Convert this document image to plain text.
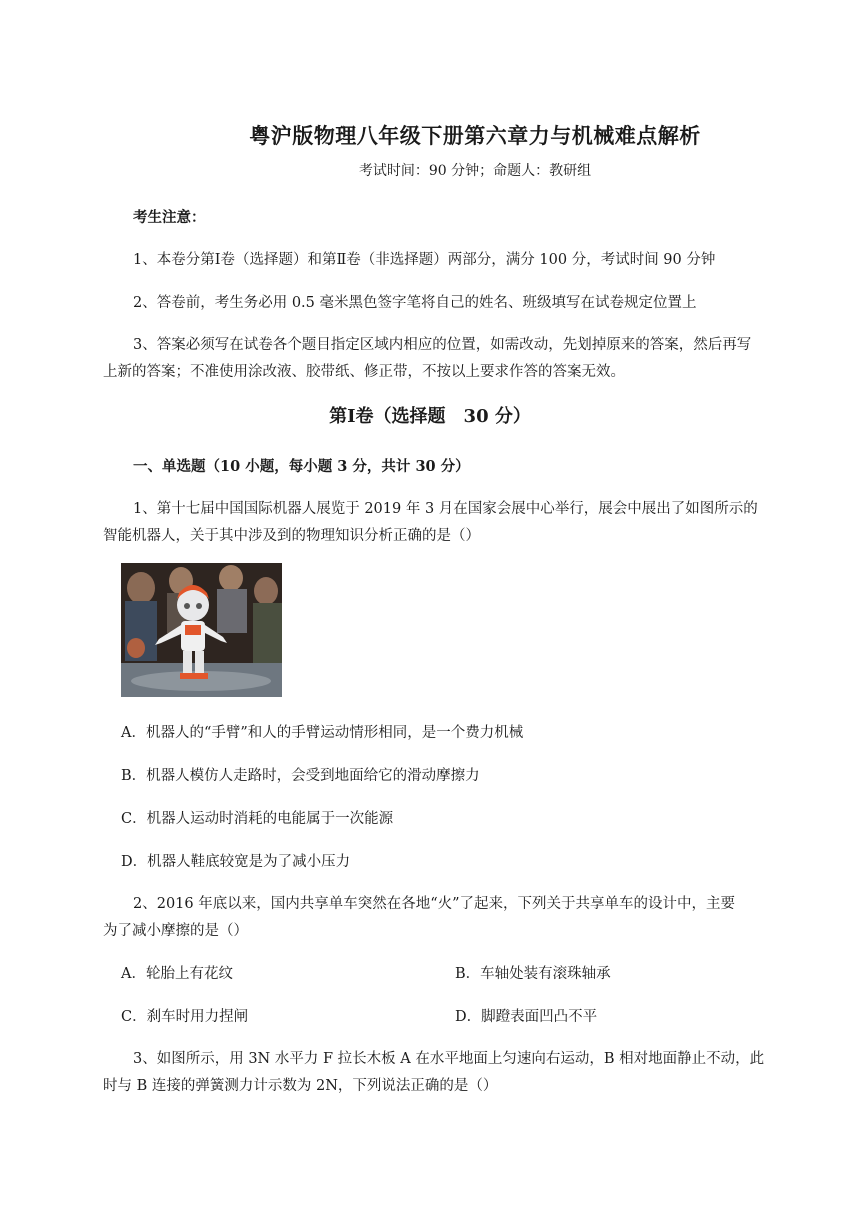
粤沪版物理八年级下册第六章力与机械难点解析
考试时间：90 分钟；命题人：教研组
考生注意：
1、本卷分第Ⅰ卷（选择题）和第Ⅱ卷（非选择题）两部分，满分 100 分，考试时间 90 分钟
2、答卷前，考生务必用 0.5 毫米黑色签字笔将自己的姓名、班级填写在试卷规定位置上
3、答案必须写在试卷各个题目指定区域内相应的位置，如需改动，先划掉原来的答案，然后再写
上新的答案；不准使用涂改液、胶带纸、修正带，不按以上要求作答的答案无效。
第Ⅰ卷（选择题　30 分）
一、单选题（10 小题，每小题 3 分，共计 30 分）
1、第十七届中国国际机器人展览于 2019 年 3 月在国家会展中心举行，展会中展出了如图所示的
智能机器人，关于其中涉及到的物理知识分析正确的是（）
A．机器人的“手臂”和人的手臂运动情形相同，是一个费力机械
B．机器人模仿人走路时，会受到地面给它的滑动摩擦力
C．机器人运动时消耗的电能属于一次能源
D．机器人鞋底较宽是为了减小压力
2、2016 年底以来，国内共享单车突然在各地“火”了起来，下列关于共享单车的设计中，主要
为了减小摩擦的是（）
A．轮胎上有花纹	B．车轴处装有滚珠轴承
C．刹车时用力捏闸	D．脚蹬表面凹凸不平
3、如图所示，用 3N 水平力 F 拉长木板 A 在水平地面上匀速向右运动，B 相对地面静止不动，此
时与 B 连接的弹簧测力计示数为 2N，下列说法正确的是（）
